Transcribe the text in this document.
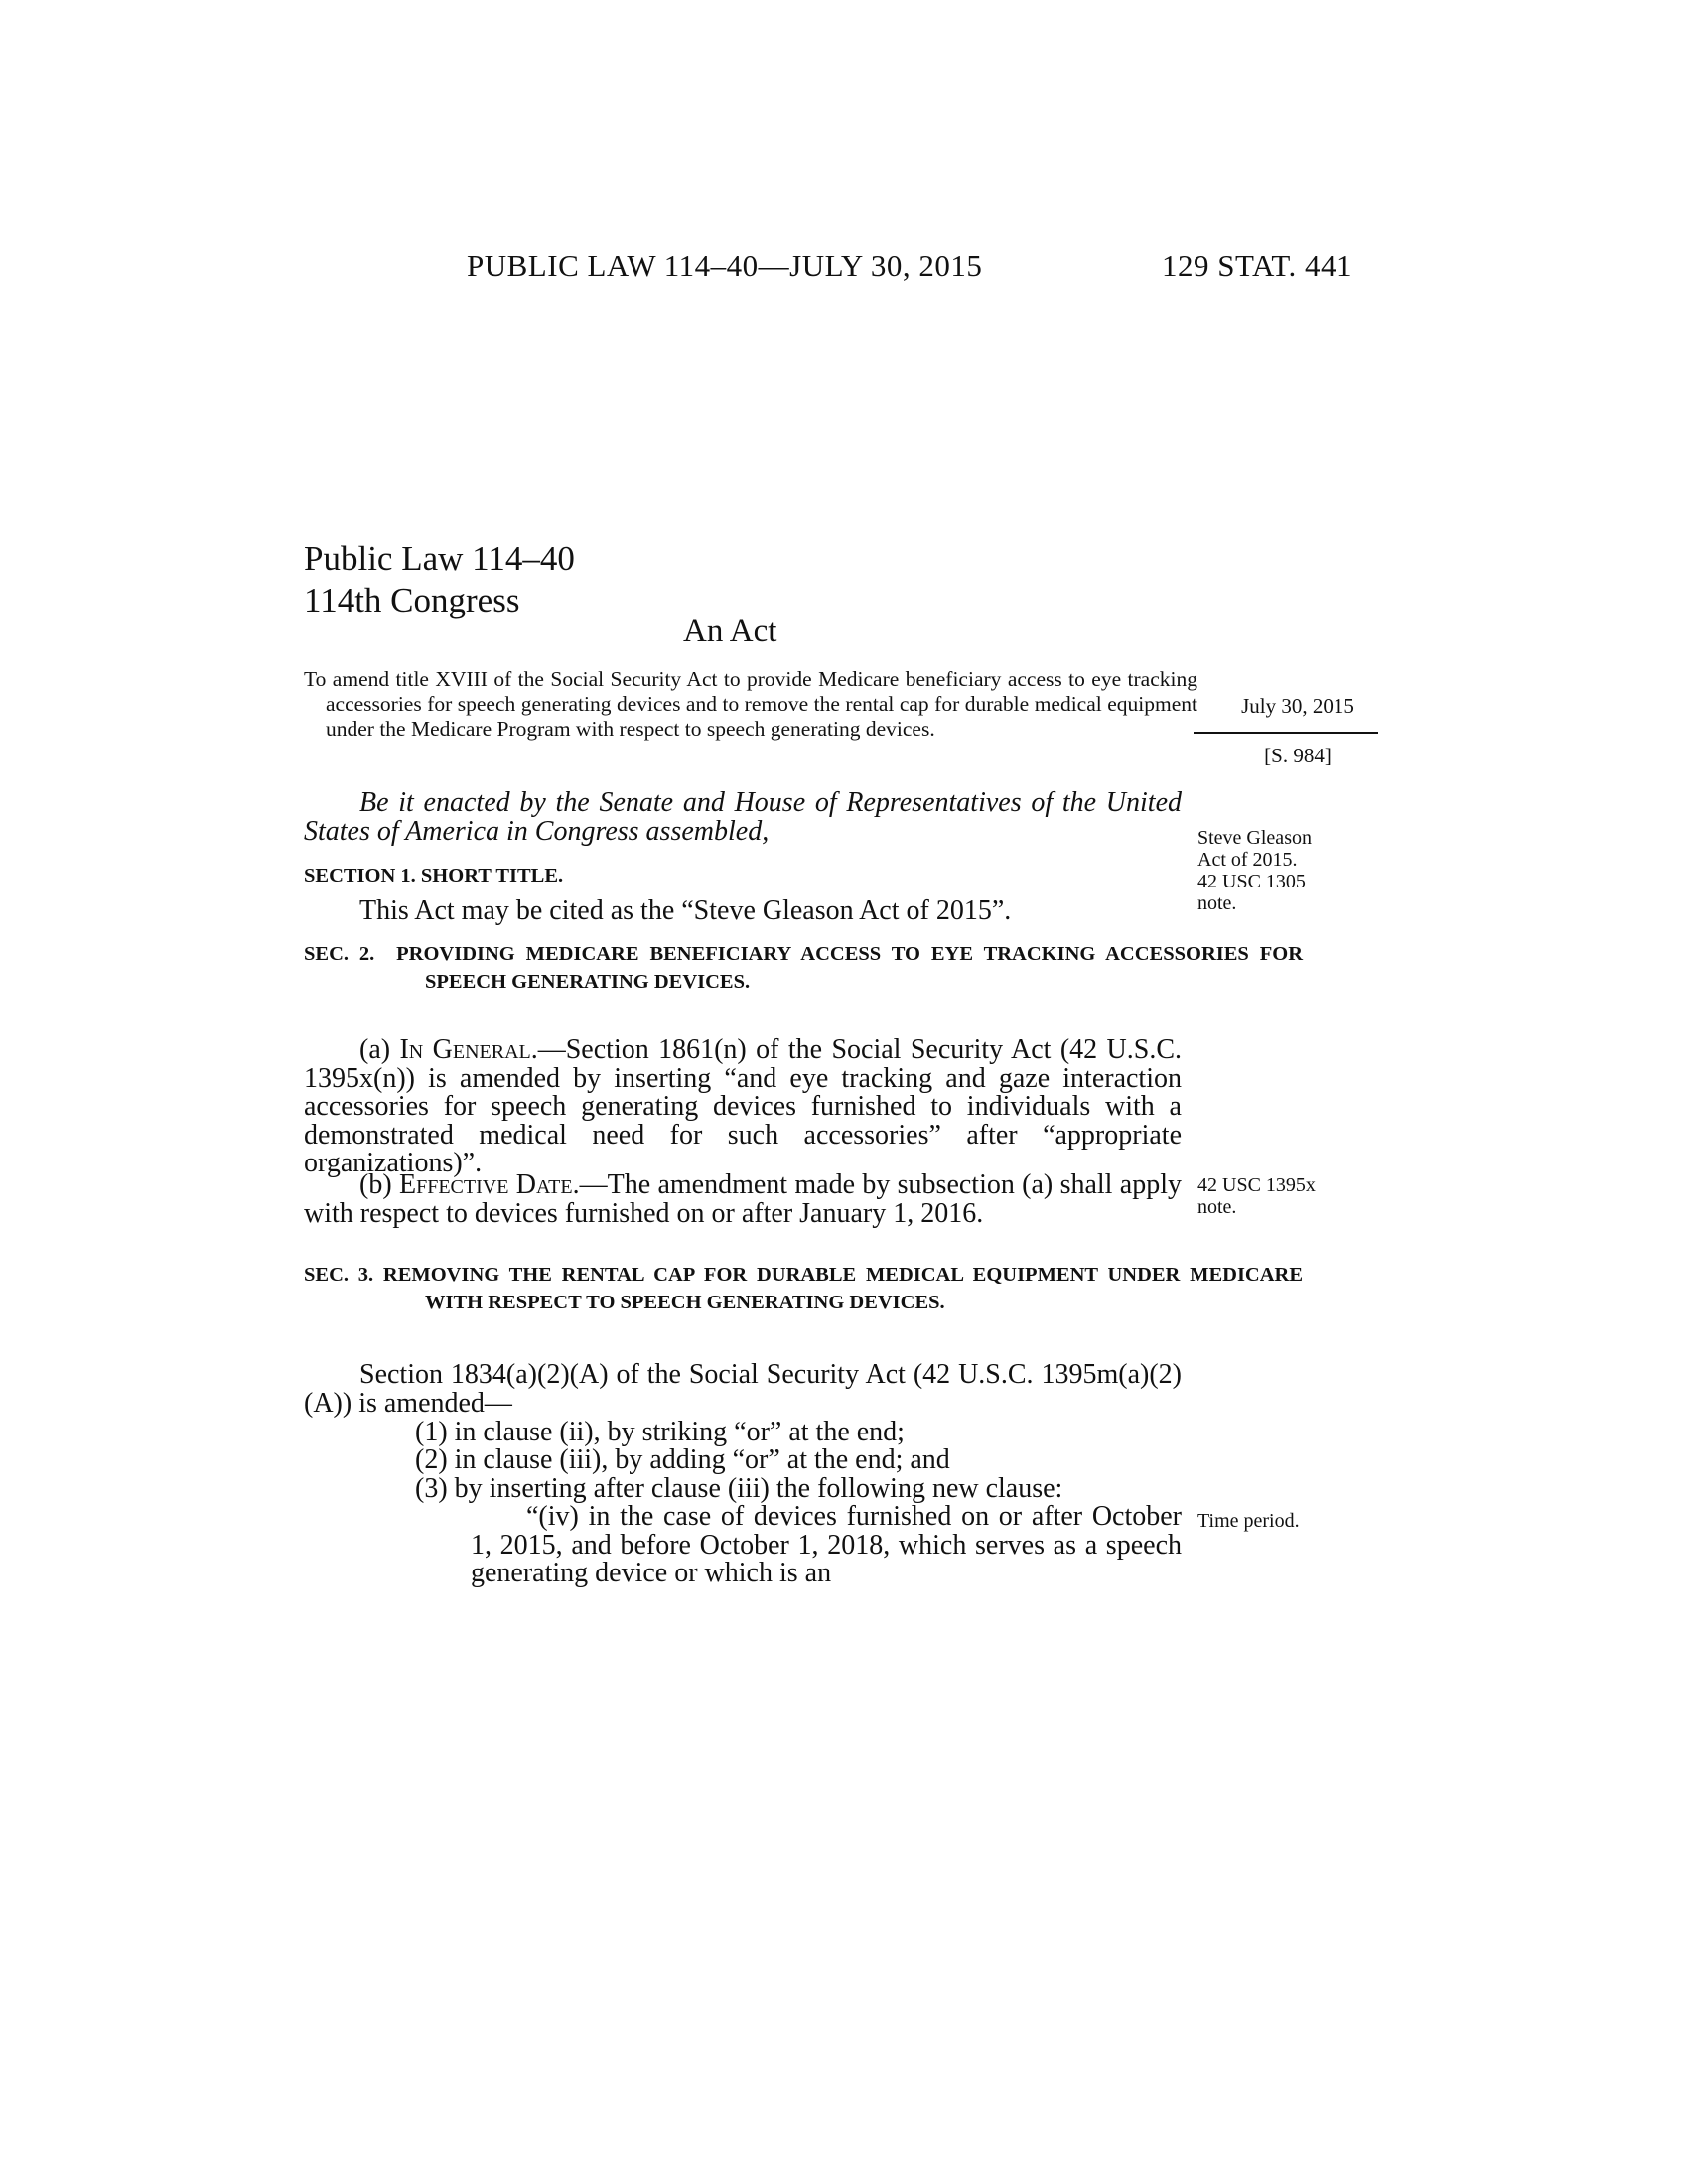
PUBLIC LAW 114–40—JULY 30, 2015	129 STAT. 441
Public Law 114–40
114th Congress
An Act
To amend title XVIII of the Social Security Act to provide Medicare beneficiary access to eye tracking accessories for speech generating devices and to remove the rental cap for durable medical equipment under the Medicare Program with respect to speech generating devices.
July 30, 2015
[S. 984]
Be it enacted by the Senate and House of Representatives of the United States of America in Congress assembled,	Steve Gleason
Act of 2015.
42 USC 1305
note.
SECTION 1. SHORT TITLE.
This Act may be cited as the “Steve Gleason Act of 2015”.
SEC. 2. PROVIDING MEDICARE BENEFICIARY ACCESS TO EYE TRACKING ACCESSORIES FOR SPEECH GENERATING DEVICES.
(a) In General.—Section 1861(n) of the Social Security Act (42 U.S.C. 1395x(n)) is amended by inserting “and eye tracking and gaze interaction accessories for speech generating devices furnished to individuals with a demonstrated medical need for such accessories” after “appropriate organizations)”.
(b) Effective Date.—The amendment made by subsection (a) shall apply with respect to devices furnished on or after January 1, 2016.
42 USC 1395x
note.
SEC. 3. REMOVING THE RENTAL CAP FOR DURABLE MEDICAL EQUIPMENT UNDER MEDICARE WITH RESPECT TO SPEECH GENERATING DEVICES.
Section 1834(a)(2)(A) of the Social Security Act (42 U.S.C. 1395m(a)(2)(A)) is amended—
(1) in clause (ii), by striking “or” at the end;
(2) in clause (iii), by adding “or” at the end; and
(3) by inserting after clause (iii) the following new clause:
“(iv) in the case of devices furnished on or after October 1, 2015, and before October 1, 2018, which serves as a speech generating device or which is an
Time period.
